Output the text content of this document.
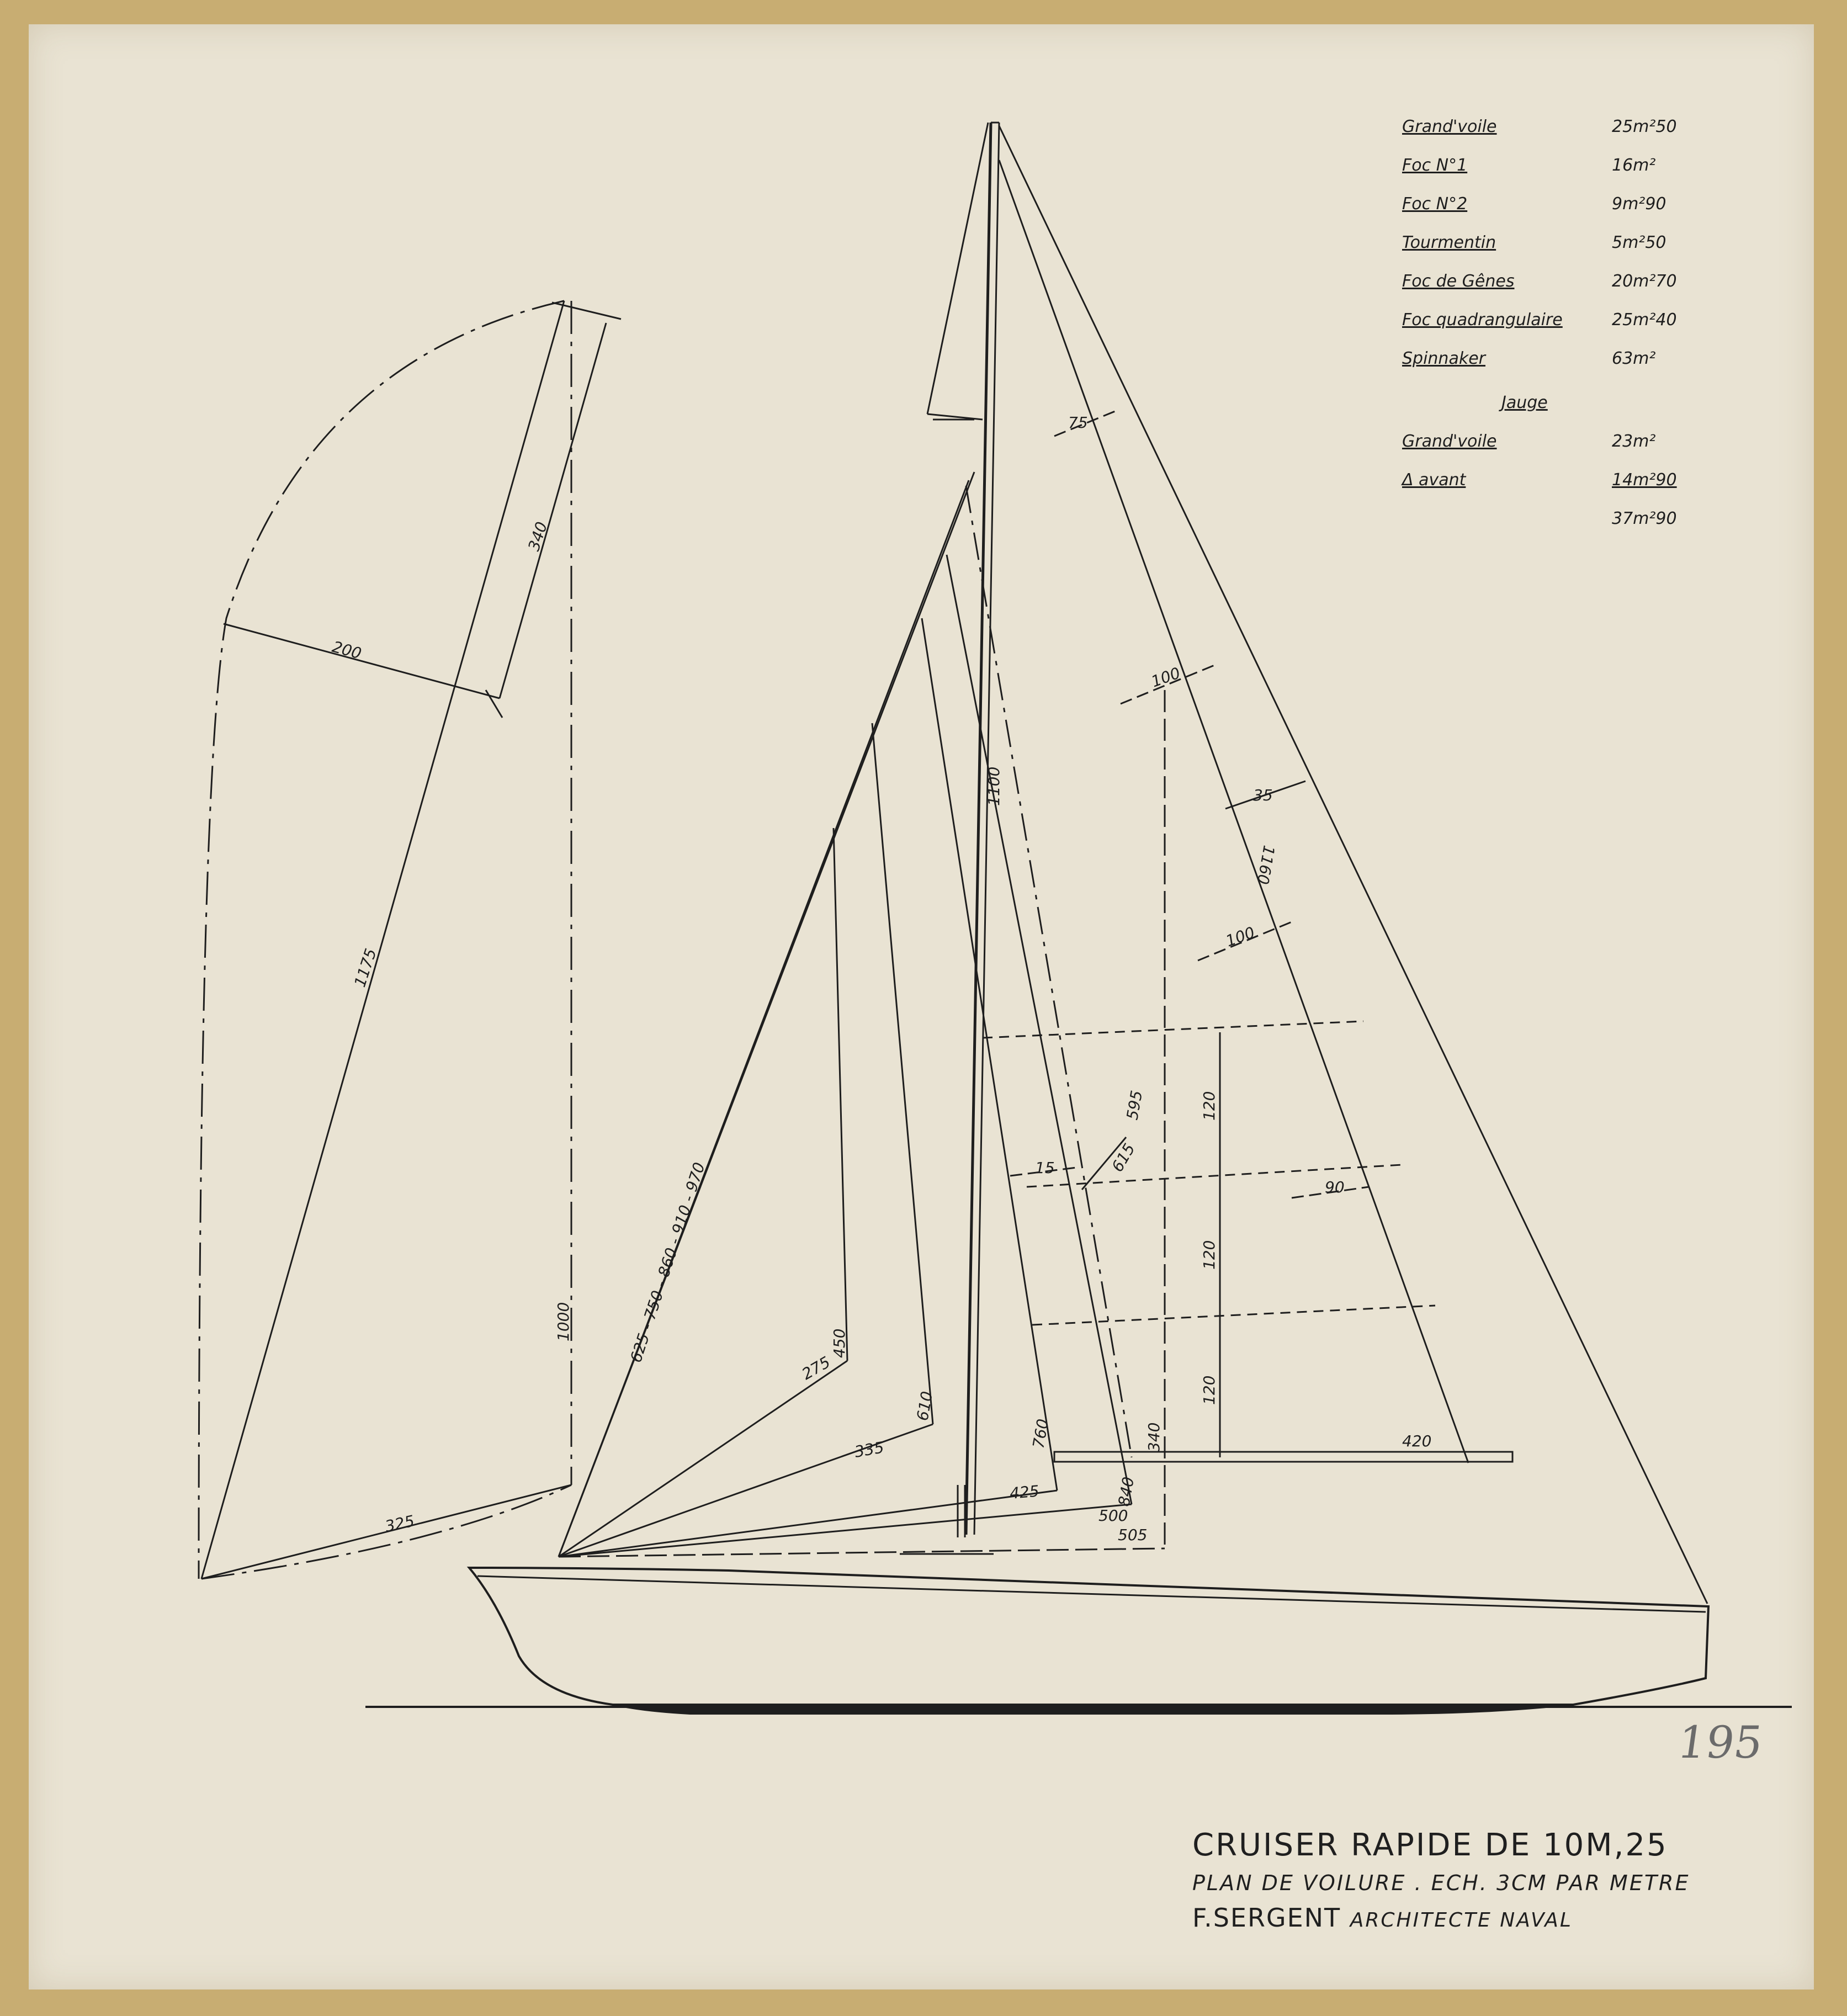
340
200
1175
1000
325
625 - 750 - 860 - 910 - 970	450
275
610
335	760
425	840
500
505
340
1100
595
615
15
75
100
35
1160
100
120
120
120
90
420
Grand'voile	25m²50
Foc N°1	16m²
Foc N°2	9m²90
Tourmentin	5m²50
Foc de Gênes	20m²70
Foc quadrangulaire	25m²40
Spinnaker	63m²
Jauge
Grand'voile	23m²
Δ avant	14m²90
37m²90
195
CRUISER RAPIDE DE 10M,25
PLAN DE VOILURE . ECH. 3CM PAR METRE
F.SERGENT ARCHITECTE NAVAL
